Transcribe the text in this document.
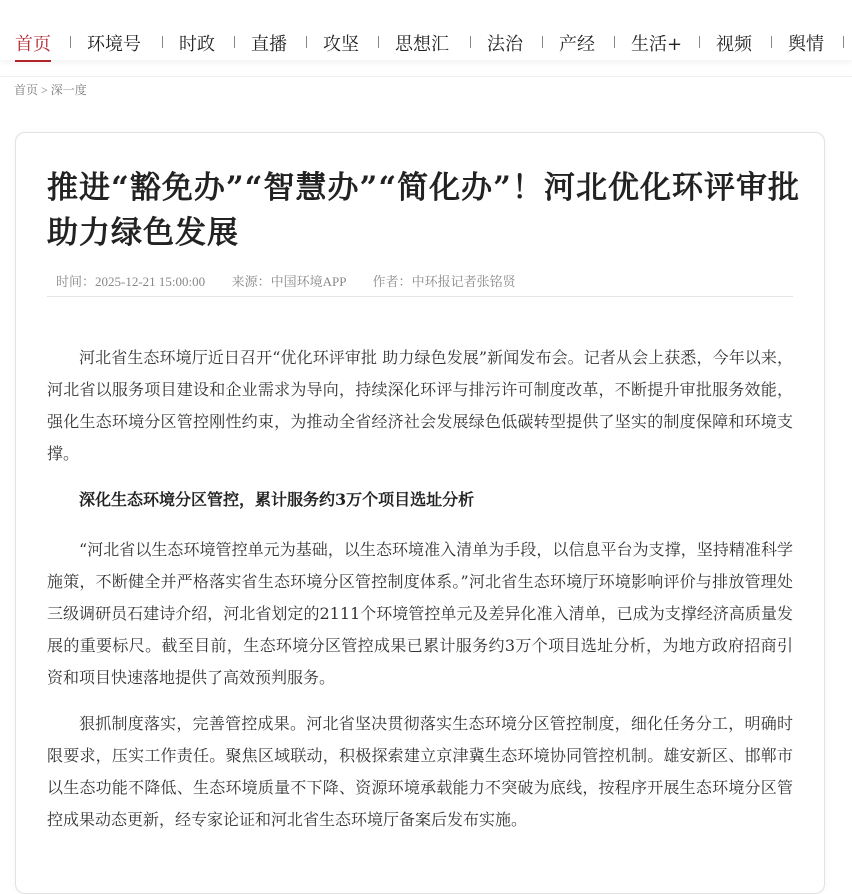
首页 环境号 时政 直播 攻坚 思想汇 法治 产经 生活+ 视频 舆情
首页 > 深一度
推进“豁免办”“智慧办”“简化办”！河北优化环评审批助力绿色发展
时间：2025-12-21 15:00:00 来源：中国环境APP 作者：中环报记者张铭贤

河北省生态环境厅近日召开“优化环评审批 助力绿色发展”新闻发布会。记者从会上获悉，今年以来，河北省以服务项目建设和企业需求为导向，持续深化环评与排污许可制度改革，不断提升审批服务效能，强化生态环境分区管控刚性约束，为推动全省经济社会发展绿色低碳转型提供了坚实的制度保障和环境支撑。

深化生态环境分区管控，累计服务约3万个项目选址分析

“河北省以生态环境管控单元为基础，以生态环境准入清单为手段，以信息平台为支撑，坚持精准科学施策，不断健全并严格落实省生态环境分区管控制度体系。”河北省生态环境厅环境影响评价与排放管理处三级调研员石建诗介绍，河北省划定的2111个环境管控单元及差异化准入清单，已成为支撑经济高质量发展的重要标尺。截至目前，生态环境分区管控成果已累计服务约3万个项目选址分析，为地方政府招商引资和项目快速落地提供了高效预判服务。

狠抓制度落实，完善管控成果。河北省坚决贯彻落实生态环境分区管控制度，细化任务分工，明确时限要求，压实工作责任。聚焦区域联动，积极探索建立京津冀生态环境协同管控机制。雄安新区、邯郸市以生态功能不降低、生态环境质量不下降、资源环境承载能力不突破为底线，按程序开展生态环境分区管控成果动态更新，经专家论证和河北省生态环境厅备案后发布实施。
